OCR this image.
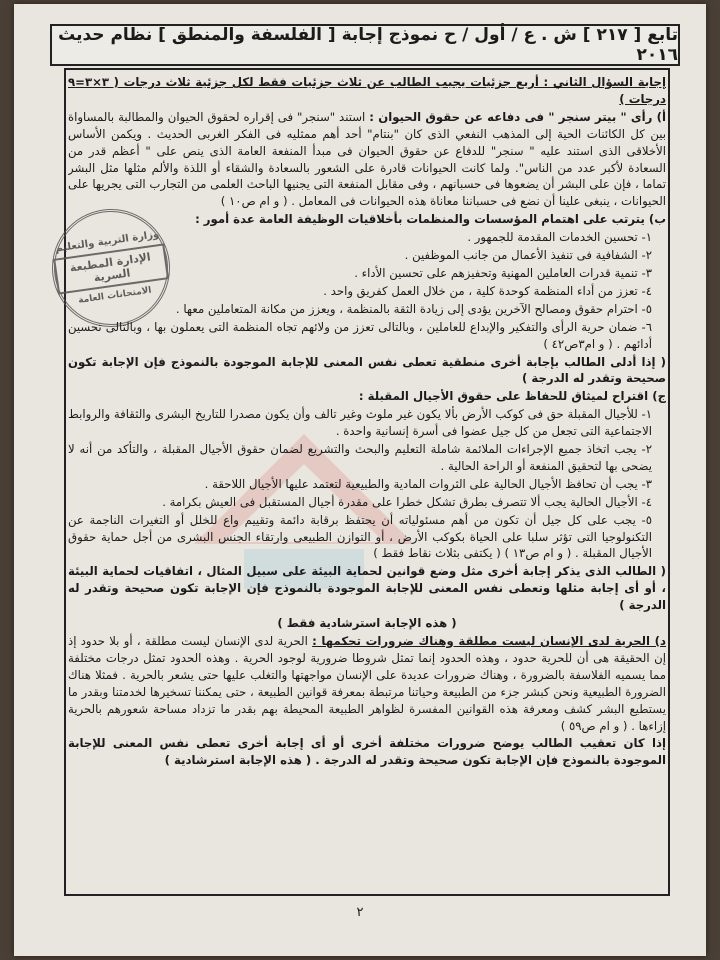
تابع [ ٢١٧ ] ش . ع / أول / ح نموذج إجابة [ الفلسفة والمنطق ] نظام حديث ٢٠١٦
وزارة التربية والتعليم
الإدارة المطبعة السرية
الامتحانات العامة

إجابة السؤال الثاني : أربع جزئيات يجيب الطالب عن ثلاث جزئيات فقط لكل جزئية ثلاث درجات ( ٣×٣=٩ درجات )

أ) رأى " بيتر سنجر " فى دفاعه عن حقوق الحيوان : استند "سنجر" فى إقراره لحقوق الحيوان والمطالبة بالمساواة بين كل الكائنات الحية إلى المذهب النفعي الذى كان "بنتام" أحد أهم ممثليه فى الفكر الغربى الحديث . ويكمن الأساس الأخلاقى الذى استند عليه " سنجر" للدفاع عن حقوق الحيوان فى مبدأ المنفعة العامة الذى ينص على " أعظم قدر من السعادة لأكبر عدد من الناس". ولما كانت الحيوانات قادرة على الشعور بالسعادة والشقاء أو اللذة والألم مثلها مثل البشر تماما ، فإن على البشر أن يضعوها فى حسبانهم ، وفى مقابل المنفعة التى يجنيها الباحث العلمى من التجارب التى يجريها على الحيوانات ، ينبغى علينا أن نضع فى حسباننا معاناة هذه الحيوانات فى المعامل . ( و ام ص١٠ )

ب) يترتب على اهتمام المؤسسات والمنظمات بأخلاقيات الوظيفة العامة عدة أمور :

١- تحسين الخدمات المقدمة للجمهور .

٢- الشفافية فى تنفيذ الأعمال من جانب الموظفين .

٣- تنمية قدرات العاملين المهنية وتحفيزهم على تحسين الأداء .

٤- تعزز من أداء المنظمة كوحدة كلية ، من خلال العمل كفريق واحد .

٥- احترام حقوق ومصالح الآخرين يؤدى إلى زيادة الثقة بالمنظمة ، ويعزز من مكانة المتعاملين معها .

٦- ضمان حرية الرأى والتفكير والإبداع للعاملين ، وبالتالى تعزز من ولائهم تجاه المنظمة التى يعملون بها ، وبالتالى تحسين أدائهم . ( و ام٣ص٤٢ )

( إذا أدلى الطالب بإجابة أخرى منطقية تعطى نفس المعنى للإجابة الموجودة بالنموذج فإن الإجابة تكون صحيحة وتقدر له الدرجة )

ج) اقتراح لميثاق للحفاظ على حقوق الأجيال المقبلة :

١- للأجيال المقبلة حق فى كوكب الأرض بألا يكون غير ملوث وغير تالف وأن يكون مصدرا للتاريخ البشرى والثقافة والروابط الاجتماعية التى تجعل من كل جيل عضوا فى أسرة إنسانية واحدة .

٢- يجب اتخاذ جميع الإجراءات الملائمة شاملة التعليم والبحث والتشريع لضمان حقوق الأجيال المقبلة ، والتأكد من أنه لا يضحى بها لتحقيق المنفعة أو الراحة الحالية .

٣- يجب أن تحافظ الأجيال الحالية على الثروات المادية والطبيعية لتعتمد عليها الأجيال اللاحقة .

٤- الأجيال الحالية يجب ألا تتصرف بطرق تشكل خطرا على مقدرة أجيال المستقبل فى العيش بكرامة .

٥- يجب على كل جيل أن تكون من أهم مسئولياته أن يحتفظ برقابة دائمة وتقييم واع للخلل أو التغيرات الناجمة عن التكنولوجيا التى تؤثر سلبا على الحياة بكوكب الأرض ، أو التوازن الطبيعى وارتقاء الجنس البشرى من أجل حماية حقوق الأجيال المقبلة . ( و ام ص١٣ ) ( يكتفى بثلاث نقاط فقط )

( الطالب الذى يذكر إجابة أخرى مثل وضع قوانين لحماية البيئة على سبيل المثال ، اتفاقيات لحماية البيئة ، أو أى إجابة مثلها وتعطى نفس المعنى للإجابة الموجودة بالنموذج فإن الإجابة تكون صحيحة وتقدر له الدرجة )

( هذه الإجابة استرشادية فقط )

د) الحرية لدى الإنسان ليست مطلقة وهناك ضرورات تحكمها : الحرية لدى الإنسان ليست مطلقة ، أو بلا حدود إذ إن الحقيقة هى أن للحرية حدود ، وهذه الحدود إنما تمثل شروطا ضرورية لوجود الحرية . وهذه الحدود تمثل درجات مختلفة مما يسميه الفلاسفة بالضرورة ، وهناك ضرورات عديدة على الإنسان مواجهتها والتغلب عليها حتى يشعر بالحرية . فمثلا هناك الضرورة الطبيعية ونحن كبشر جزء من الطبيعة وحياتنا مرتبطة بمعرفة قوانين الطبيعة ، حتى يمكننا تسخيرها لخدمتنا وبقدر ما يستطيع البشر كشف ومعرفة هذه القوانين المفسرة لظواهر الطبيعة المحيطة بهم بقدر ما تزداد مساحة شعورهم بالحرية إزاءها . ( و ام ص٥٩ )

إذا كان تعقيب الطالب يوضح ضرورات مختلفة أخرى أو أى إجابة أخرى تعطى نفس المعنى للإجابة الموجودة بالنموذج فإن الإجابة تكون صحيحة وتقدر له الدرجة . ( هذه الإجابة استرشادية )

٢
